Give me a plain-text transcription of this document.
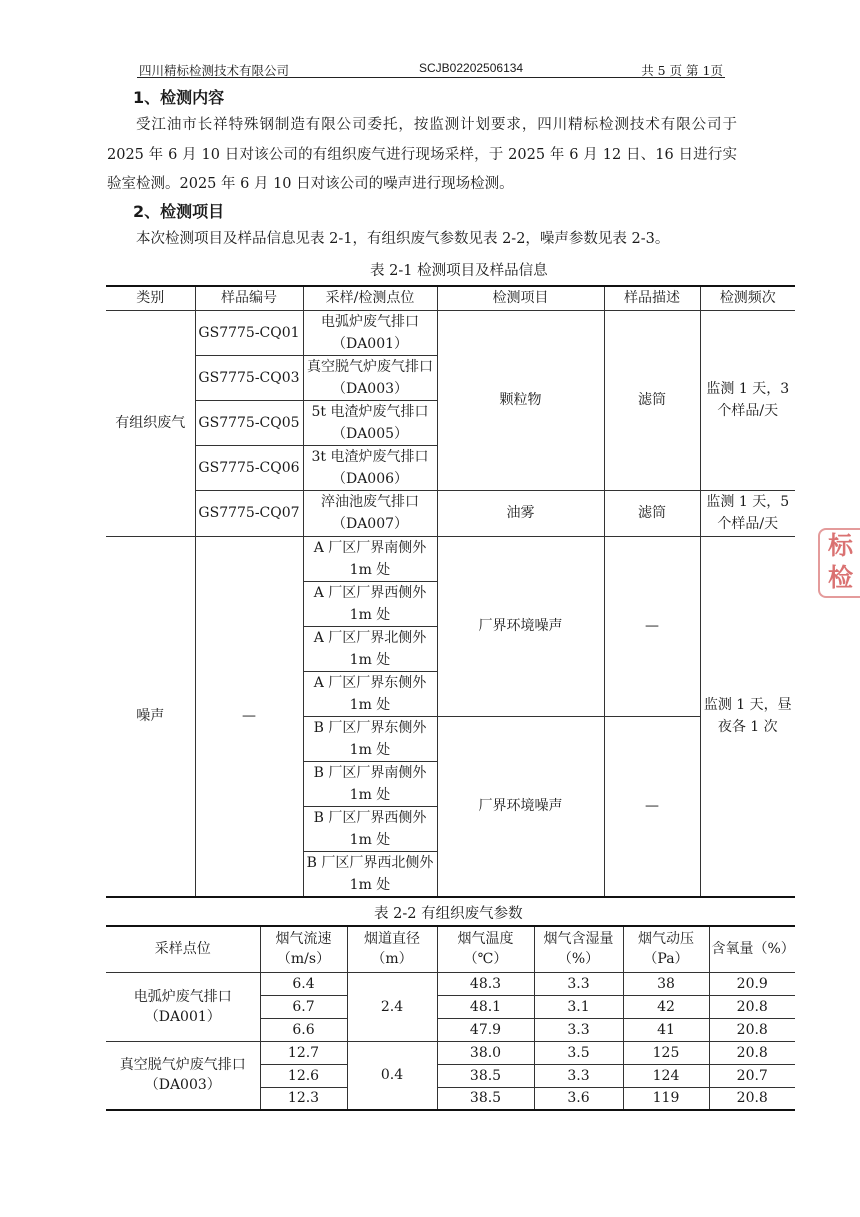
四川精标检测技术有限公司	SCJB02202506134	共 5 页 第 1页
1、检测内容
受江油市长祥特殊钢制造有限公司委托，按监测计划要求，四川精标检测技术有限公司于 2025 年 6 月 10 日对该公司的有组织废气进行现场采样，于 2025 年 6 月 12 日、16 日进行实验室检测。2025 年 6 月 10 日对该公司的噪声进行现场检测。
2、检测项目
本次检测项目及样品信息见表 2-1，有组织废气参数见表 2-2，噪声参数见表 2-3。
表 2-1 检测项目及样品信息
类别	样品编号	采样/检测点位	检测项目	样品描述	检测频次
有组织废气	GS7775-CQ01	电弧炉废气排口（DA001）	颗粒物	滤筒	监测 1 天，3 个样品/天
	GS7775-CQ03	真空脱气炉废气排口（DA003）			
	GS7775-CQ05	5t 电渣炉废气排口（DA005）			
	GS7775-CQ06	3t 电渣炉废气排口（DA006）			
	GS7775-CQ07	淬油池废气排口（DA007）	油雾	滤筒	监测 1 天，5 个样品/天
噪声	—	A 厂区厂界南侧外 1m 处	厂界环境噪声	—	监测 1 天，昼夜各 1 次
		A 厂区厂界西侧外 1m 处			
		A 厂区厂界北侧外 1m 处			
		A 厂区厂界东侧外 1m 处			
		B 厂区厂界东侧外 1m 处	厂界环境噪声	—	
		B 厂区厂界南侧外 1m 处			
		B 厂区厂界西侧外 1m 处			
		B 厂区厂界西北侧外 1m 处			
表 2-2 有组织废气参数
采样点位	烟气流速（m/s）	烟道直径（m）	烟气温度（℃）	烟气含湿量（%）	烟气动压（Pa）	含氧量（%）
电弧炉废气排口（DA001）	6.4	2.4	48.3	3.3	38	20.9
	6.7		48.1	3.1	42	20.8
	6.6		47.9	3.3	41	20.8
真空脱气炉废气排口（DA003）	12.7	0.4	38.0	3.5	125	20.8
	12.6		38.5	3.3	124	20.7
	12.3		38.5	3.6	119	20.8
标
检
